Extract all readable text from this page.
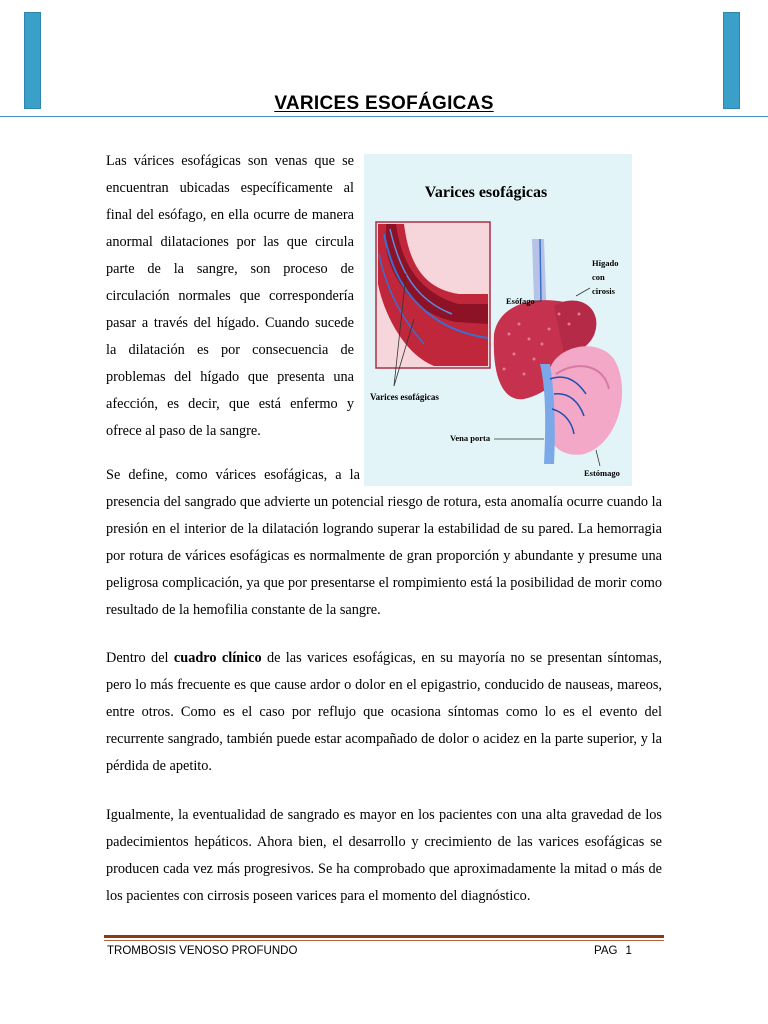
VARICES ESOFÁGICAS
Las várices esofágicas son venas que se encuentran ubicadas específicamente al final del esófago, en ella ocurre de manera anormal dilataciones por las que circula parte de la sangre, son proceso de circulación normales que correspondería pasar a través del hígado. Cuando sucede la dilatación es por consecuencia de problemas del hígado que presenta una afección, es decir, que está enfermo y ofrece al paso de la sangre.
Se define, como várices esofágicas, a la
presencia del sangrado que advierte un potencial riesgo de rotura, esta anomalía ocurre cuando la presión en el interior de la dilatación logrando superar la estabilidad de su pared. La hemorragia por rotura de várices esofágicas es normalmente de gran proporción y abundante y presume una peligrosa complicación, ya que por presentarse el rompimiento está la posibilidad de morir como resultado de la hemofilia constante de la sangre.
Dentro del cuadro clínico de las varices esofágicas, en su mayoría no se presentan síntomas, pero lo más frecuente es que cause ardor o dolor en el epigastrio, conducido de nauseas, mareos, entre otros. Como es el caso por reflujo que ocasiona síntomas como lo es el evento del recurrente sangrado, también puede estar acompañado de dolor o acidez en la parte superior, y la pérdida de apetito.
Igualmente, la eventualidad de sangrado es mayor en los pacientes con una alta gravedad de los padecimientos hepáticos. Ahora bien, el desarrollo y crecimiento de las varices esofágicas se producen cada vez más progresivos. Se ha comprobado que aproximadamente la mitad o más de los pacientes con cirrosis poseen varices para el momento del diagnóstico.
Varices esofágicas
Varices esofágicas
Hígado
con
cirosis
Esófago
Vena porta
Estómago
TROMBOSIS VENOSO PROFUNDO	PAG 1
